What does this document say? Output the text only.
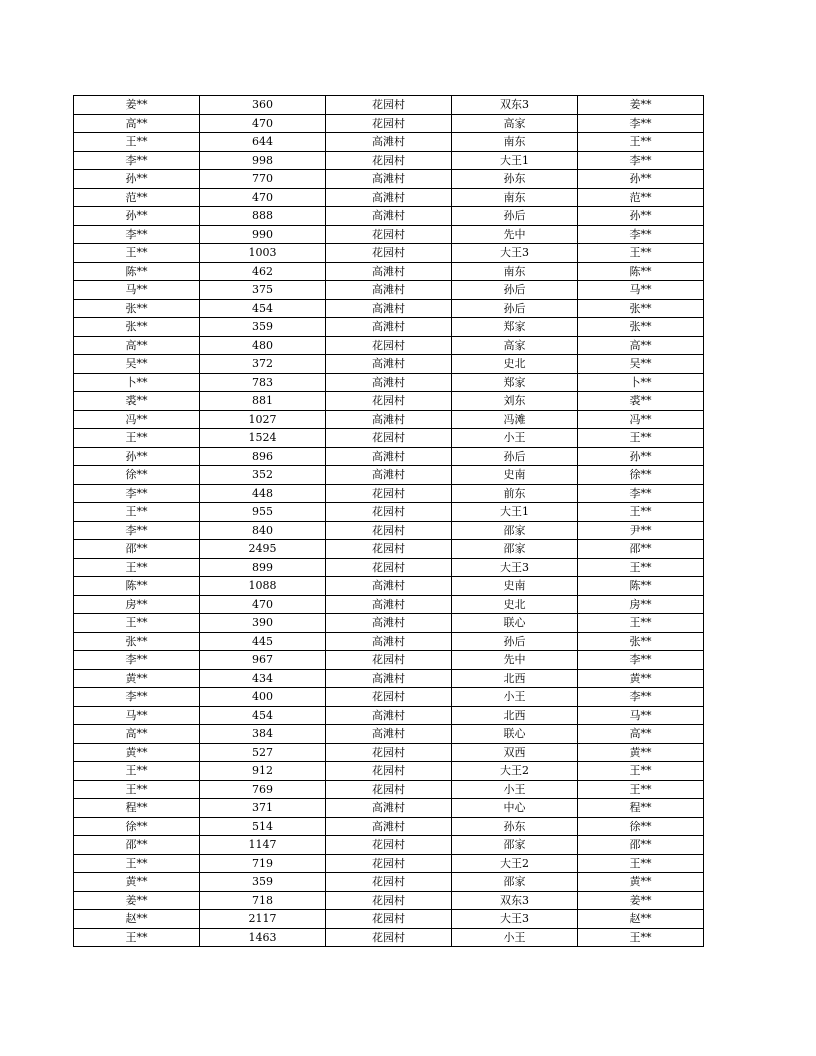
姜**	360	花园村	双东3	姜**
高**	470	花园村	高家	李**
王**	644	高滩村	南东	王**
李**	998	花园村	大王1	李**
孙**	770	高滩村	孙东	孙**
范**	470	高滩村	南东	范**
孙**	888	高滩村	孙后	孙**
李**	990	花园村	先中	李**
王**	1003	花园村	大王3	王**
陈**	462	高滩村	南东	陈**
马**	375	高滩村	孙后	马**
张**	454	高滩村	孙后	张**
张**	359	高滩村	郑家	张**
高**	480	花园村	高家	高**
吴**	372	高滩村	史北	吴**
卜**	783	高滩村	郑家	卜**
裘**	881	花园村	刘东	裘**
冯**	1027	高滩村	冯滩	冯**
王**	1524	花园村	小王	王**
孙**	896	高滩村	孙后	孙**
徐**	352	高滩村	史南	徐**
李**	448	花园村	前东	李**
王**	955	花园村	大王1	王**
李**	840	花园村	邵家	尹**
邵**	2495	花园村	邵家	邵**
王**	899	花园村	大王3	王**
陈**	1088	高滩村	史南	陈**
房**	470	高滩村	史北	房**
王**	390	高滩村	联心	王**
张**	445	高滩村	孙后	张**
李**	967	花园村	先中	李**
黄**	434	高滩村	北西	黄**
李**	400	花园村	小王	李**
马**	454	高滩村	北西	马**
高**	384	高滩村	联心	高**
黄**	527	花园村	双西	黄**
王**	912	花园村	大王2	王**
王**	769	花园村	小王	王**
程**	371	高滩村	中心	程**
徐**	514	高滩村	孙东	徐**
邵**	1147	花园村	邵家	邵**
王**	719	花园村	大王2	王**
黄**	359	花园村	邵家	黄**
姜**	718	花园村	双东3	姜**
赵**	2117	花园村	大王3	赵**
王**	1463	花园村	小王	王**
